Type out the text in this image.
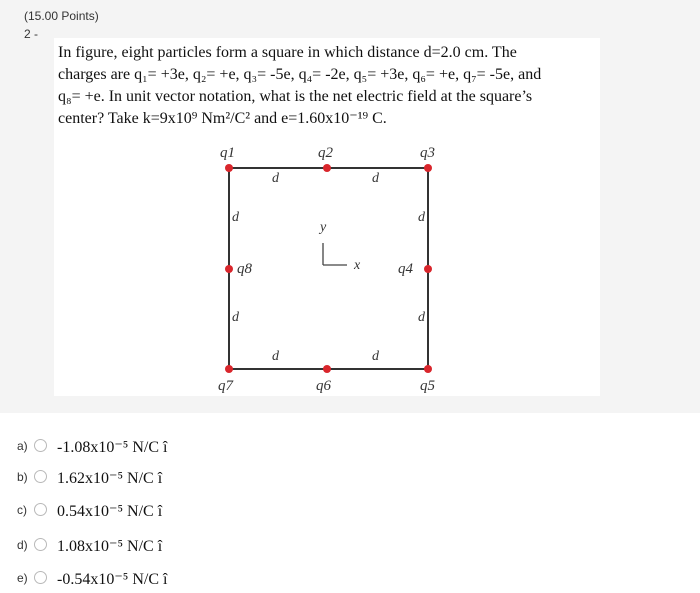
(15.00 Points)
2 -
In figure, eight particles form a square in which distance d=2.0 cm. The
charges are q₁= +3e, q₂= +e, q₃= -5e, q₄= -2e, q₅= +3e, q₆= +e, q₇= -5e, and
q₈= +e. In unit vector notation, what is the net electric field at the square’s
center? Take k=9x10⁹ Nm²/C² and e=1.60x10⁻¹⁹ C.
q1	q2	q3
q4
q5
q6
q7
q8
d	d
d
d
d
d
d	d
y
x
a) -1.08x10⁻⁵ N/C î
b) 1.62x10⁻⁵ N/C î
c) 0.54x10⁻⁵ N/C î
d) 1.08x10⁻⁵ N/C î
e) -0.54x10⁻⁵ N/C î
